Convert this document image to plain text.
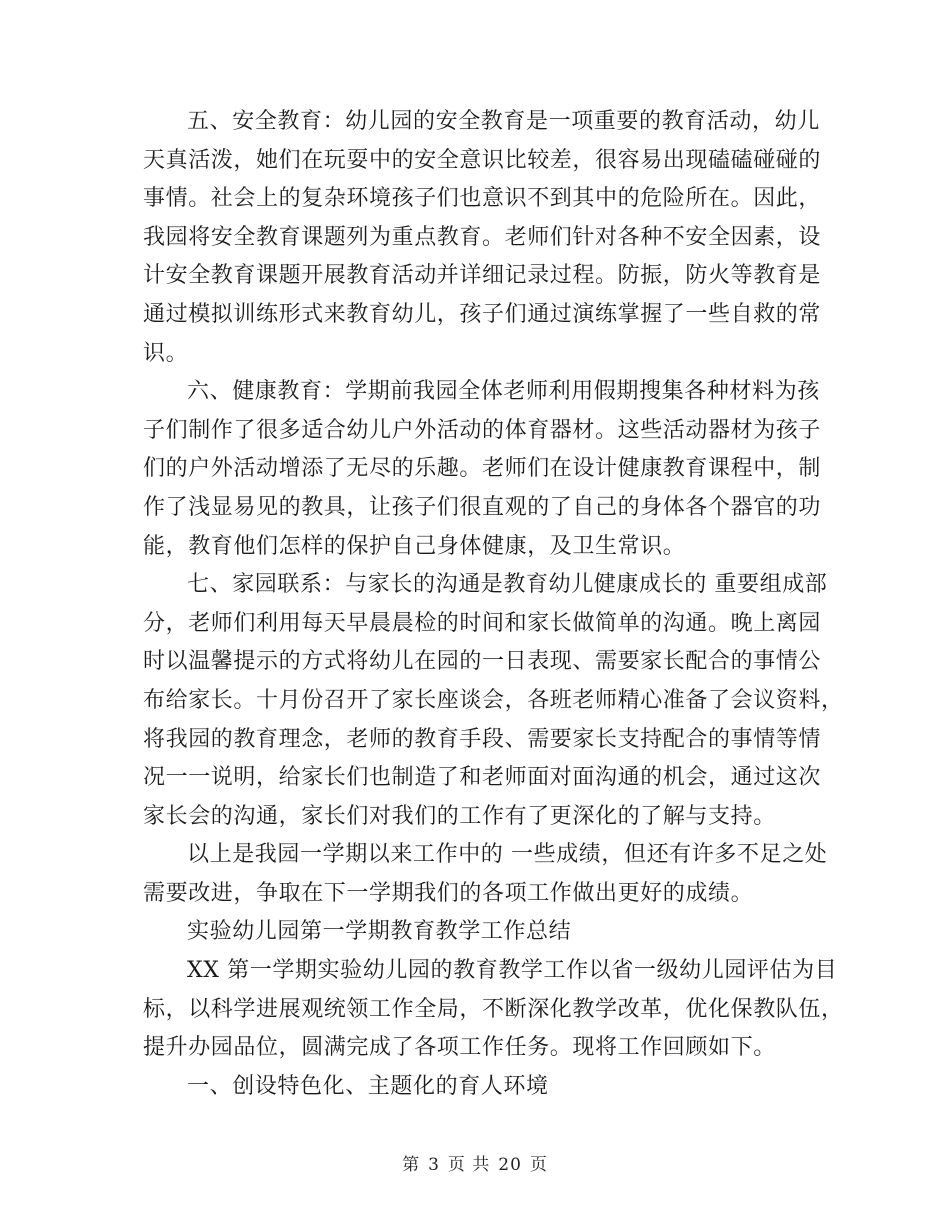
五、安全教育：幼儿园的安全教育是一项重要的教育活动，幼儿
天真活泼，她们在玩耍中的安全意识比较差，很容易出现磕磕碰碰的
事情。社会上的复杂环境孩子们也意识不到其中的危险所在。因此，
我园将安全教育课题列为重点教育。老师们针对各种不安全因素，设
计安全教育课题开展教育活动并详细记录过程。防振，防火等教育是
通过模拟训练形式来教育幼儿，孩子们通过演练掌握了一些自救的常
识。

六、健康教育：学期前我园全体老师利用假期搜集各种材料为孩
子们制作了很多适合幼儿户外活动的体育器材。这些活动器材为孩子
们的户外活动增添了无尽的乐趣。老师们在设计健康教育课程中，制
作了浅显易见的教具，让孩子们很直观的了自己的身体各个器官的功
能，教育他们怎样的保护自己身体健康，及卫生常识。

七、家园联系：与家长的沟通是教育幼儿健康成长的 重要组成部
分，老师们利用每天早晨晨检的时间和家长做简单的沟通。晚上离园
时以温馨提示的方式将幼儿在园的一日表现、需要家长配合的事情公
布给家长。十月份召开了家长座谈会，各班老师精心准备了会议资料，
将我园的教育理念，老师的教育手段、需要家长支持配合的事情等情
况一一说明，给家长们也制造了和老师面对面沟通的机会，通过这次
家长会的沟通，家长们对我们的工作有了更深化的了解与支持。

以上是我园一学期以来工作中的 一些成绩，但还有许多不足之处
需要改进，争取在下一学期我们的各项工作做出更好的成绩。

实验幼儿园第一学期教育教学工作总结

XX 第一学期实验幼儿园的教育教学工作以省一级幼儿园评估为目
标，以科学进展观统领工作全局，不断深化教学改革，优化保教队伍，
提升办园品位，圆满完成了各项工作任务。现将工作回顾如下。

一、创设特色化、主题化的育人环境

第 3 页 共 20 页
